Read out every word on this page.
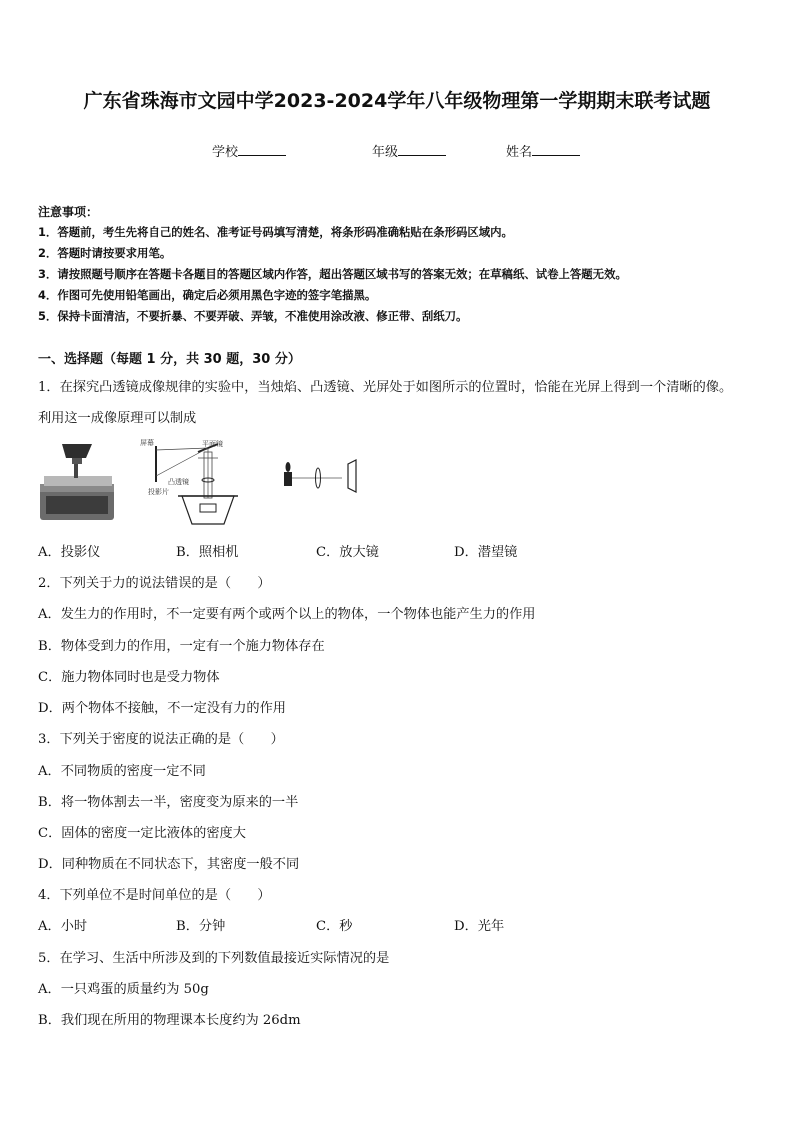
广东省珠海市文园中学2023-2024学年八年级物理第一学期期末联考试题
学校	年级	姓名
注意事项：
1．答题前，考生先将自己的姓名、准考证号码填写清楚，将条形码准确粘贴在条形码区域内。
2．答题时请按要求用笔。
3．请按照题号顺序在答题卡各题目的答题区域内作答，超出答题区域书写的答案无效；在草稿纸、试卷上答题无效。
4．作图可先使用铅笔画出，确定后必须用黑色字迹的签字笔描黑。
5．保持卡面清洁，不要折暴、不要弄破、弄皱，不准使用涂改液、修正带、刮纸刀。
一、选择题（每题 1 分，共 30 题，30 分）
1．在探究凸透镜成像规律的实验中，当烛焰、凸透镜、光屏处于如图所示的位置时，恰能在光屏上得到一个清晰的像。
利用这一成像原理可以制成
屏幕	平面镜
凸透镜
投影片
A．投影仪	B．照相机	C．放大镜	D．潜望镜
2．下列关于力的说法错误的是（　　）
A．发生力的作用时，不一定要有两个或两个以上的物体，一个物体也能产生力的作用
B．物体受到力的作用，一定有一个施力物体存在
C．施力物体同时也是受力物体
D．两个物体不接触，不一定没有力的作用
3．下列关于密度的说法正确的是（　　）
A．不同物质的密度一定不同
B．将一物体割去一半，密度变为原来的一半
C．固体的密度一定比液体的密度大
D．同种物质在不同状态下，其密度一般不同
4．下列单位不是时间单位的是（　　）
A．小时	B．分钟	C．秒	D．光年
5．在学习、生活中所涉及到的下列数值最接近实际情况的是
A．一只鸡蛋的质量约为 50g
B．我们现在所用的物理课本长度约为 26dm
